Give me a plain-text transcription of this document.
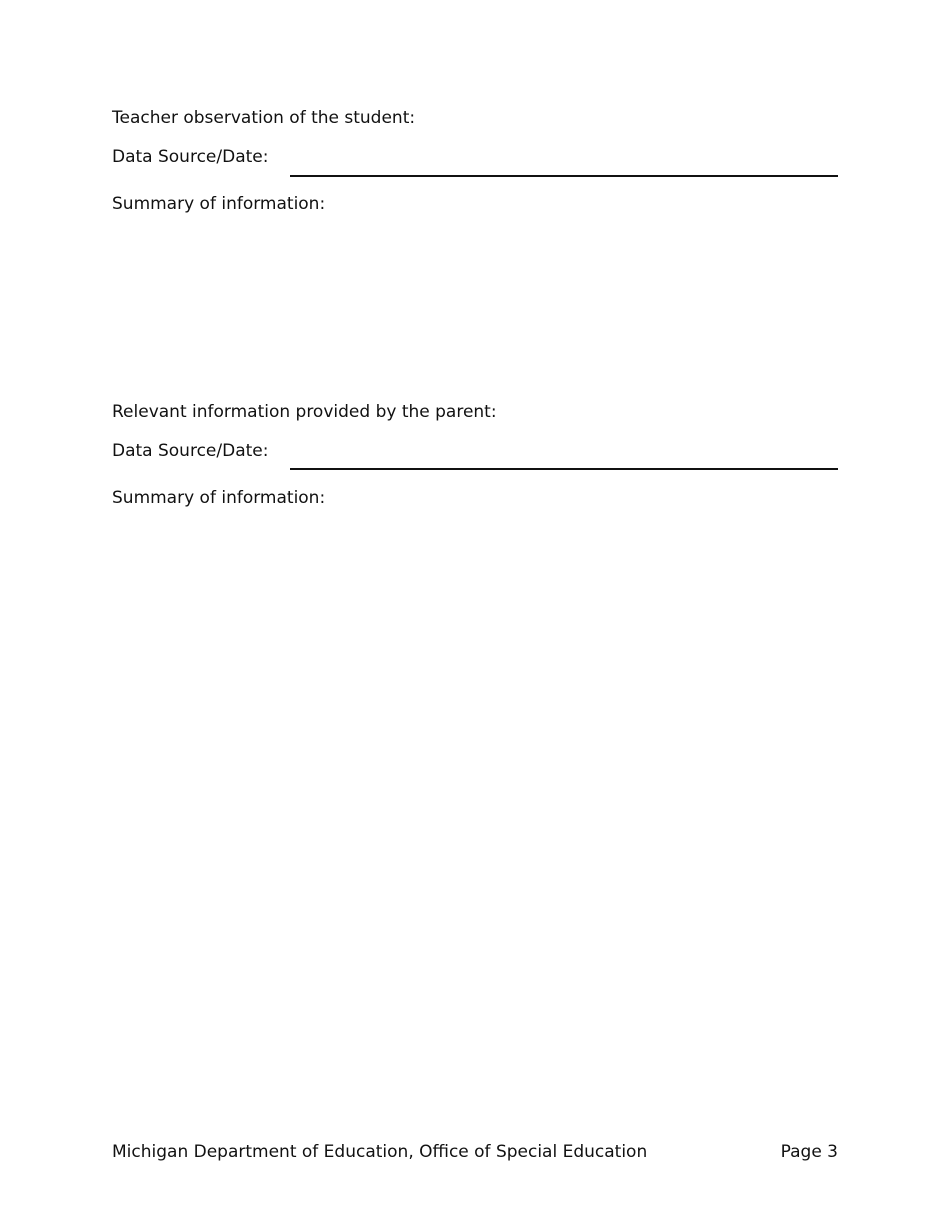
Teacher observation of the student:
Data Source/Date:
Summary of information:
Relevant information provided by the parent:
Data Source/Date:
Summary of information:
Michigan Department of Education, Office of Special Education	Page 3
